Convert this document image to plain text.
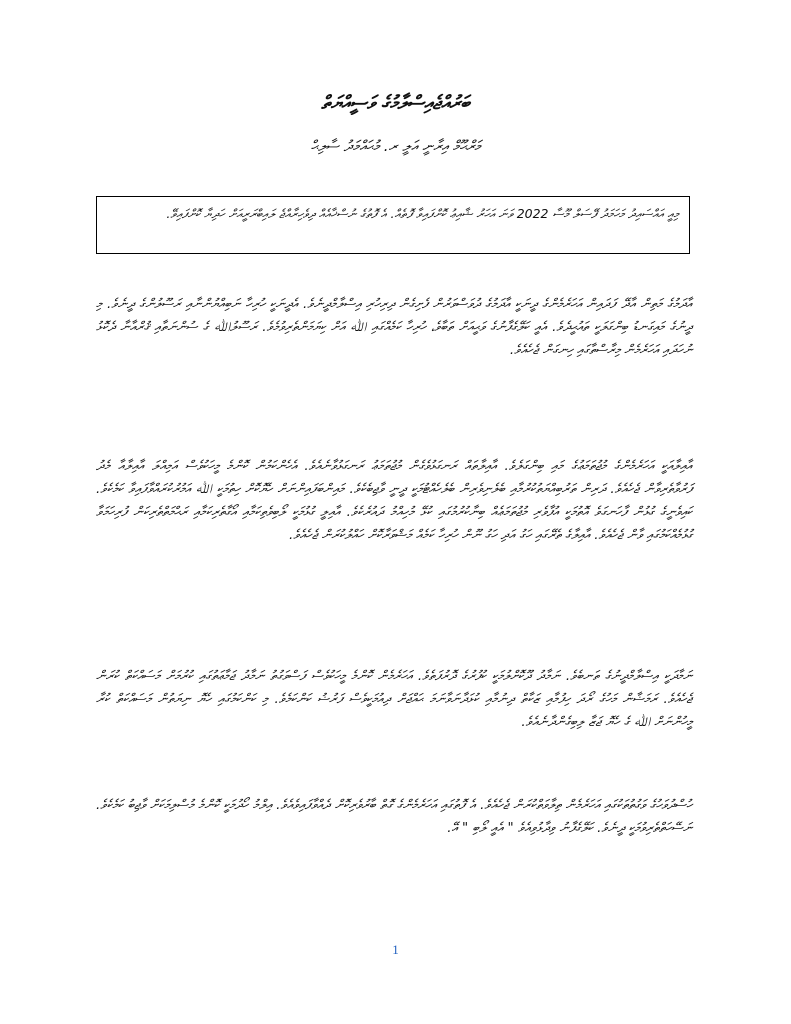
ބަރުއްޖެއިސްލާމުގެ ވަސީއްޔަތް
މަރްޙޫމް އިރާނީ އަލީ ރ. މުޙައްމަދު ސާލިޙް
މިއީ އައްސައިދު މަހަމަދު ފޭސަލް މޫސާ 2022 ވަނަ އަހަރު ޝާއިޢު ކޮށްފައިވާ ފޮތެއް. އެ ފޮތުގެ ނުސްޚާއެއް ދިވެހިރާއްޖެ ލައިބްރަރީއަށް ހަދިޔާ ކޮށްފައިވޭ.
އާދަމުގެ މަތިން އާދޭ ފަދައިން އަހަރެމެންގެ ދީނަކީ އާދަމުގެ ދުވަސްވަރުން ފެށިގެން ދިރިހުރި އިސްލާމްދީނެވެ. އެދީނަކީ ހުރިހާ ނަބިއްޔުންނާއި ރަސޫލުންގެ ދީނެވެ. މި ދީނުގެ މައިގަނޑު ބިންގަލަކީ ތައުޙީދެވެ. އެއީ ކަލޭގެފާނުގެ ވަޙީއަށް ތަބާވެ، ހުރިހާ ކަމެއްގައި ﷲ އަށް ކިޔަމަންތެރިވުމެވެ. ރަސޫލުﷲ ގެ ސުންނަތާއި ޤުރްއާނާ ދެކޮޅު ނުހަދައި އަހަރެމެން މިރާސްތާގައި ހިނގަން ޖެހެއެވެ.
އާއިލާއަކީ އަހަރެމެންގެ މުޖުތަމަޢުގެ މައި ބިންގަލެވެ. އާއިލާތައް ރަނގަޅުވެގެން މުޖުތަމަޢު ރަނގަޅުވާނެއެވެ. އެހެންކަމުން ކޮންމެ މީހަކުވެސް އަމިއްލަ އާއިލާއާ މެދު ފަރުވާތެރިވާން ޖެހެއެވެ. ދަރިން ތަރުބިއްޔަތުކުރުމާއި ބެލެނިވެރިން ބެލެހެއްޓުމަކީ ދީނީ ވާޖިބެކެވެ. މައިންބަފައިންނަށް ހެޔޮކޮށް ހިތުމަކީ ﷲ އަމުރުކުރައްވާފައިވާ ކަމެކެވެ. ކައިވެނީގެ ގުޅުން ފާހަނގަވެ އޮތުމަކީ އުފާވެރި މުޖުތަމަޢެއް ބިނާކުރުމުގައި ކުޅޭ މުހިއްމު ދައުރެކެވެ. އާއިލީ ގުޅުމަކީ ލޯބިވެތިކަމާއި އޯގާތެރިކަމާއި ރަޙްމަތްތެރިކަން ފުރިހަމަވާ ގުޅުމެއްކަމުގައި ވާން ޖެހެއެވެ. އާއިލާގެ ތެރޭގައި ހަގު އަދި ހަގު ނޫން ހުރިހާ ކަމެއް މަޝްވަރާކޮށް ހައްލުކުރަން ޖެހެއެވެ.
ނަމާދަކީ އިސްލާމްދީނުގެ ތަނބެވެ. ނަމާދު ދޫކޮށްލުމަކީ ކުފުރުގެ ދޮރުފަތެވެ. އަހަރެމެން ކޮންމެ މީހަކުވެސް ފަސްވަގުތު ނަމާދު ޖަމާޢަތުގައި ކުރުމަށް މަސައްކަތް ކުރަން ޖެހެއެވެ. ރަމަޟާން މަހުގެ ރޯދަ ހިފުމާއި ޒަކާތް ދިނުމާއި ކުޅަދާނަވާނަމަ ޙައްޖަށް ދިއުމަކީވެސް ފަރުޟު ކަންކަމެވެ. މި ކަންކަމުގައި ހެޔޮ ނިޔަތުން މަސައްކަތް ކުރާ މީހުންނަށް ﷲ ގެ ހެޔޮ ޖަޒާ ލިބިގެންދާނެއެވެ.
ހުސްދުވަހުގެ ވަގުތުތަކުގައި އަހަރެމެން ތިލާވަތްކުރަން ޖެހެއެވެ. އެ ފޮތުގައި އަހަރެމެންގެ ގޮތް ބާރުވެރިކޮށް ދެއްވާފައިވެއެވެ. އިލްމު ހޯދުމަކީ ކޮންމެ މުސްލިމަކަށް ވާޖިބު ކަމެކެވެ. ނަސޭހަތްތެރިވުމަކީ ދީނެވެ. ކަލޭގެފާނު ވިދާޅުވިއެވެ " އެއީ ލޯބި " އޭ.
1
